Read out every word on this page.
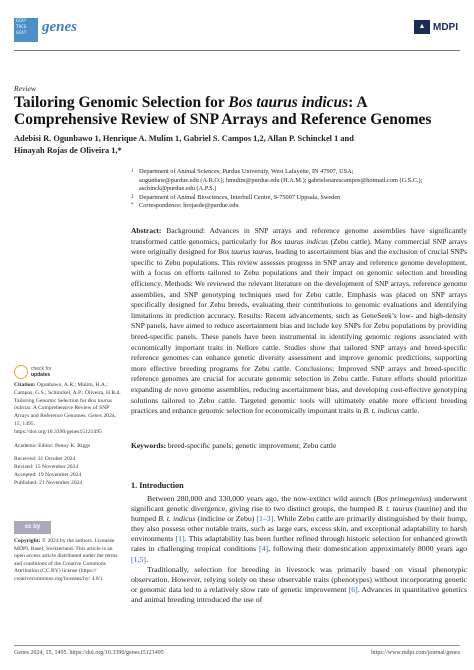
GCAT
TACG
GCAT	genes	▲ MDPI
Review
Tailoring Genomic Selection for Bos taurus indicus: A Comprehensive Review of SNP Arrays and Reference Genomes
Adebisi R. Ogunbawo 1, Henrique A. Mulim 1, Gabriel S. Campos 1,2, Allan P. Schinckel 1 and
Hinayah Rojas de Oliveira 1,*
1 Department of Animal Sciences, Purdue University, West Lafayette, IN 47907, USA;
aogunbaw@purdue.edu (A.R.O.); hmulim@purdue.edu (H.A.M.); gabrielsoarescampos@hotmail.com (G.S.C.);
aschinck@purdue.edu (A.P.S.)
2 Department of Animal Biosciences, Interbull Centre, S-75007 Uppsala, Sweden
* Correspondence: hrojasde@purdue.edu
Abstract: Background: Advances in SNP arrays and reference genome assemblies have significantly transformed cattle genomics, particularly for Bos taurus indicus (Zebu cattle). Many commercial SNP arrays were originally designed for Bos taurus taurus, leading to ascertainment bias and the exclusion of crucial SNPs specific to Zebu populations. This review assesses progress in SNP array and reference genome development, with a focus on efforts tailored to Zebu populations and their impact on genomic selection and breeding efficiency. Methods: We reviewed the relevant literature on the development of SNP arrays, reference genome assemblies, and SNP genotyping techniques used for Zebu cattle. Emphasis was placed on SNP arrays specifically designed for Zebu breeds, evaluating their contributions to genomic evaluations and identifying limitations in prediction accuracy. Results: Recent advancements, such as GeneSeek’s low- and high-density SNP panels, have aimed to reduce ascertainment bias and include key SNPs for Zebu populations by providing breed-specific panels. These panels have been instrumental in identifying genomic regions associated with economically important traits in Nellore cattle. Studies show that tailored SNP arrays and breed-specific reference genomes can enhance genetic diversity assessment and improve genomic predictions, supporting more effective breeding programs for Zebu cattle. Conclusions: Improved SNP arrays and breed-specific reference genomes are crucial for accurate genomic selection in Zebu cattle. Future efforts should prioritize expanding de novo genome assemblies, reducing ascertainment bias, and developing cost-effective genotyping solutions tailored to Zebu cattle. Targeted genomic tools will ultimately enable more efficient breeding practices and enhance genomic selection for economically important traits in B. t. indicus cattle.
Keywords: breed-specific panels; genetic improvement; Zebu cattle
check for
updates

Citation: Ogunbawo, A.R.; Mulim, H.A.; Campos, G.S.; Schinckel, A.P.; Oliveira, H.R.d. Tailoring Genomic Selection for Bos taurus indicus: A Comprehensive Review of SNP Arrays and Reference Genomes. Genes 2024, 15, 1495. https://doi.org/10.3390/genes15121495

Academic Editor: Penny K. Riggs

Received: 31 October 2024
Revised: 15 November 2024
Accepted: 19 November 2024
Published: 21 November 2024
cc by
Copyright: © 2024 by the authors. Licensee MDPI, Basel, Switzerland. This article is an open access article distributed under the terms and conditions of the Creative Commons Attribution (CC BY) license (https:// creativecommons.org/licenses/by/ 4.0/).
1. Introduction

Between 280,000 and 330,000 years ago, the now-extinct wild auroch (Bos primegenius) underwent significant genetic divergence, giving rise to two distinct groups, the humped B. t. taurus (taurine) and the humped B. t. indicus (indicine or Zebu) [1–3]. While Zebu cattle are primarily distinguished by their hump, they also possess other notable traits, such as large ears, excess skin, and exceptional adaptability to harsh environments [1]. This adaptability has been further refined through historic selection for enhanced growth rates in challenging tropical conditions [4], following their domestication approximately 8000 years ago [1,5].

Traditionally, selection for breeding in livestock was primarily based on visual phenotypic observation. However, relying solely on these observable traits (phenotypes) without incorporating genetic or genomic data led to a relatively slow rate of genetic improvement [6]. Advances in quantitative genetics and animal breeding introduced the use of

Genes 2024, 15, 1495. https://doi.org/10.3390/genes15121495	https://www.mdpi.com/journal/genes
